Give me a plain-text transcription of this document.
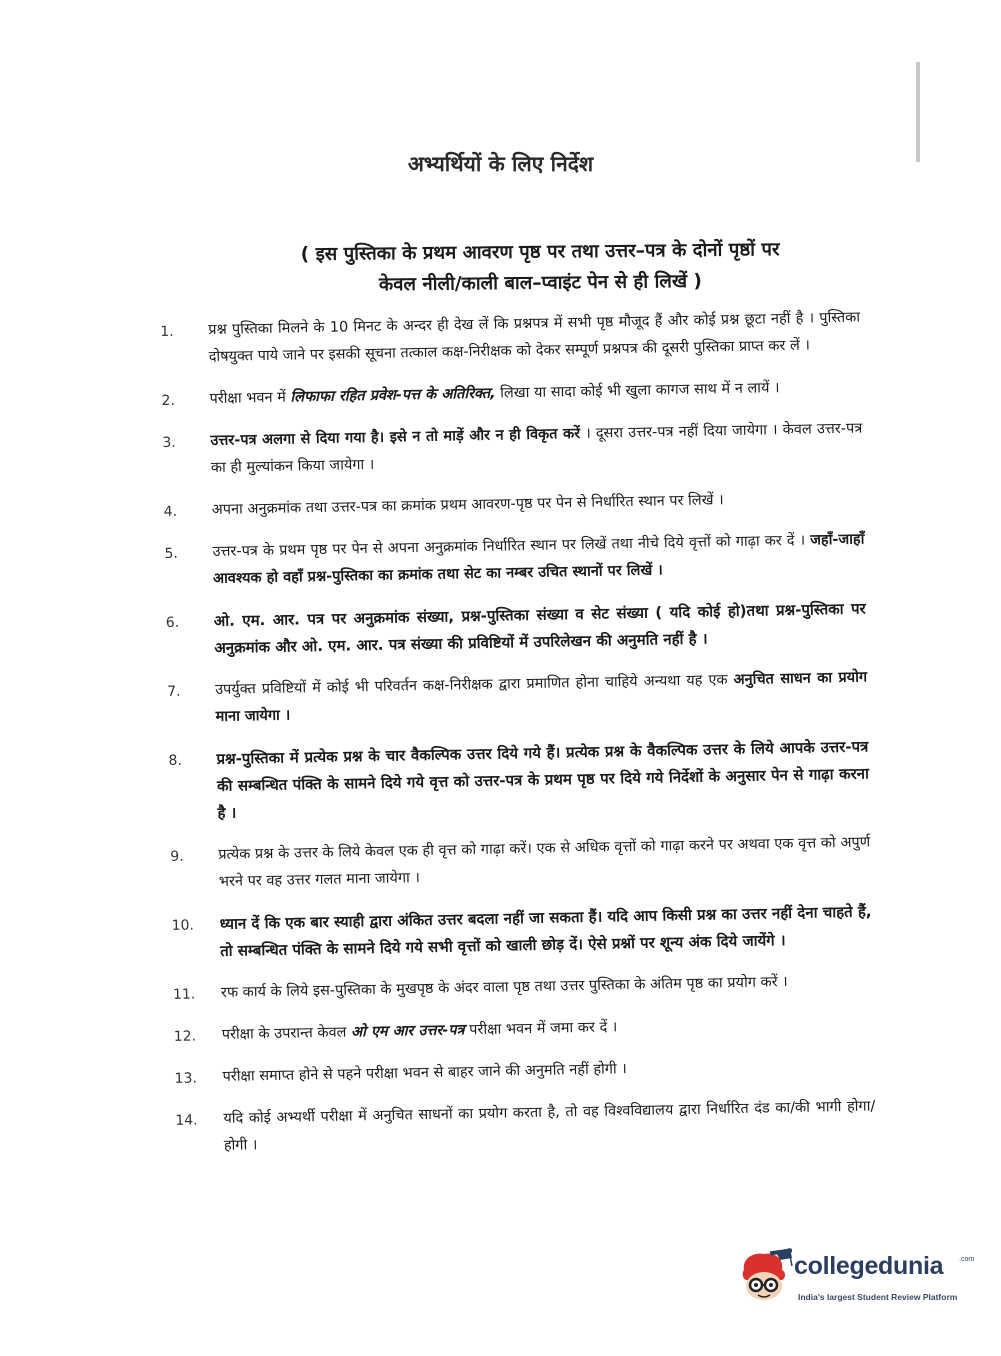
अभ्यर्थियों के लिए निर्देश
( इस पुस्तिका के प्रथम आवरण पृष्ठ पर तथा उत्तर–पत्र के दोनों पृष्ठों पर
केवल नीली/काली बाल–प्वाइंट पेन से ही लिखें )
1. प्रश्न पुस्तिका मिलने के 10 मिनट के अन्दर ही देख लें कि प्रश्नपत्र में सभी पृष्ठ मौजूद हैं और कोई प्रश्न छूटा नहीं है । पुस्तिका दोषयुक्त पाये जाने पर इसकी सूचना तत्काल कक्ष-निरीक्षक को देकर सम्पूर्ण प्रश्नपत्र की दूसरी पुस्तिका प्राप्त कर लें ।
2. परीक्षा भवन में लिफाफा रहित प्रवेश-पत्त के अतिरिक्त, लिखा या सादा कोई भी खुला कागज साथ में न लायें ।
3. उत्तर-पत्र अलगा से दिया गया है। इसे न तो माड़ें और न ही विकृत करें । दूसरा उत्तर-पत्र नहीं दिया जायेगा । केवल उत्तर-पत्र का ही मुल्यांकन किया जायेगा ।
4. अपना अनुक्रमांक तथा उत्तर-पत्र का क्रमांक प्रथम आवरण-पृष्ठ पर पेन से निर्धारित स्थान पर लिखें ।
5. उत्तर-पत्र के प्रथम पृष्ठ पर पेन से अपना अनुक्रमांक निर्धारित स्थान पर लिखें तथा नीचे दिये वृत्तों को गाढ़ा कर दें । जहाँ-जाहाँ आवश्यक हो वहाँ प्रश्न-पुस्तिका का क्रमांक तथा सेट का नम्बर उचित स्थानों पर लिखें ।
6. ओ. एम. आर. पत्र पर अनुक्रमांक संख्या, प्रश्न-पुस्तिका संख्या व सेट संख्या ( यदि कोई हो)तथा प्रश्न-पुस्तिका पर अनुक्रमांक और ओ. एम. आर. पत्र संख्या की प्रविष्टियों में उपरिलेखन की अनुमति नहीं है ।
7. उपर्युक्त प्रविष्टियों में कोई भी परिवर्तन कक्ष-निरीक्षक द्वारा प्रमाणित होना चाहिये अन्यथा यह एक अनुचित साधन का प्रयोग माना जायेगा ।
8. प्रश्न-पुस्तिका में प्रत्येक प्रश्न के चार वैकल्पिक उत्तर दिये गये हैं। प्रत्येक प्रश्न के वैकल्पिक उत्तर के लिये आपके उत्तर-पत्र की सम्बन्धित पंक्ति के सामने दिये गये वृत्त को उत्तर-पत्र के प्रथम पृष्ठ पर दिये गये निर्देशों के अनुसार पेन से गाढ़ा करना है ।
9. प्रत्येक प्रश्न के उत्तर के लिये केवल एक ही वृत्त को गाढ़ा करें। एक से अधिक वृत्तों को गाढ़ा करने पर अथवा एक वृत्त को अपुर्ण भरने पर वह उत्तर गलत माना जायेगा ।
10. ध्यान दें कि एक बार स्याही द्वारा अंकित उत्तर बदला नहीं जा सकता हैं। यदि आप किसी प्रश्न का उत्तर नहीं देना चाहते हैं, तो सम्बन्धित पंक्ति के सामने दिये गये सभी वृत्तों को खाली छोड़ दें। ऐसे प्रश्नों पर शून्य अंक दिये जायेंगे ।
11. रफ कार्य के लिये इस-पुस्तिका के मुखपृष्ठ के अंदर वाला पृष्ठ तथा उत्तर पुस्तिका के अंतिम पृष्ठ का प्रयोग करें ।
12. परीक्षा के उपरान्त केवल ओ एम आर उत्तर-पत्र परीक्षा भवन में जमा कर दें ।
13. परीक्षा समाप्त होने से पहने परीक्षा भवन से बाहर जाने की अनुमति नहीं होगी ।
14. यदि कोई अभ्यर्थी परीक्षा में अनुचित साधनों का प्रयोग करता है, तो वह विश्वविद्यालय द्वारा निर्धारित दंड का/की भागी होगा/होगी ।
collegedunia .com
India's largest Student Review Platform
